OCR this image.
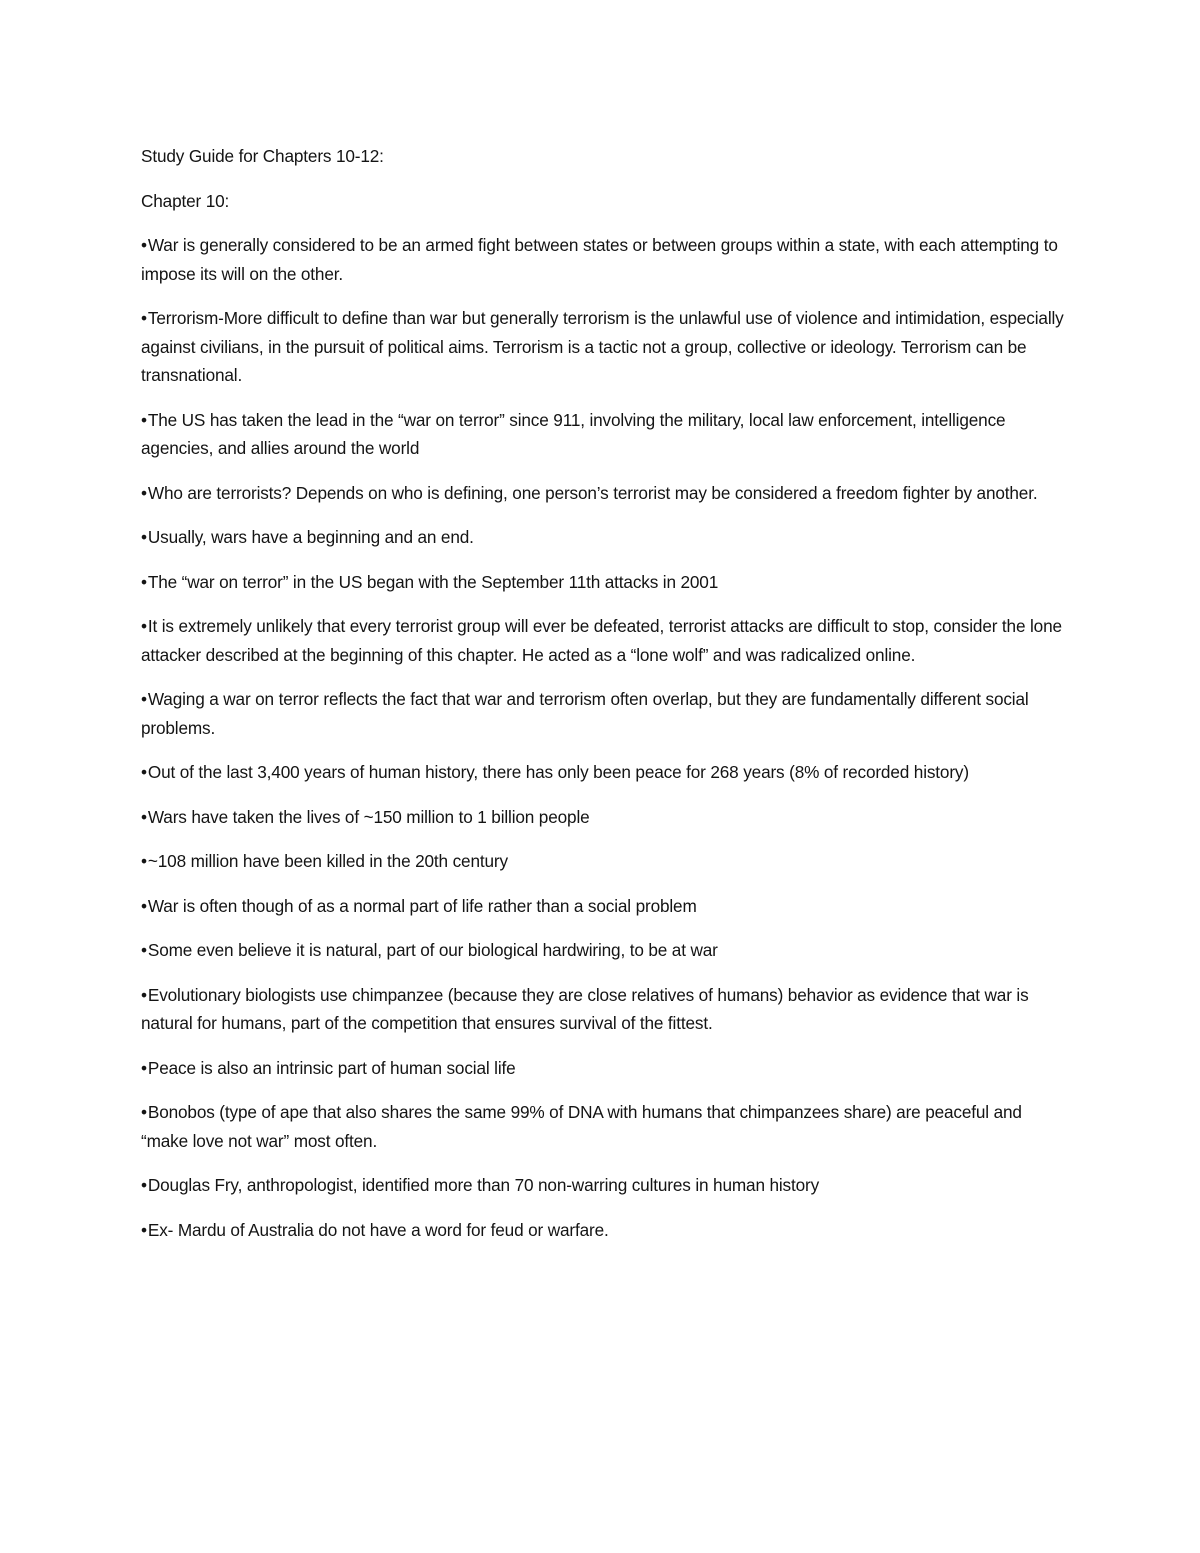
Study Guide for Chapters 10-12:

Chapter 10:

•War is generally considered to be an armed fight between states or between groups within a state, with each attempting to impose its will on the other.

•Terrorism-More difficult to define than war but generally terrorism is the unlawful use of violence and intimidation, especially against civilians, in the pursuit of political aims. Terrorism is a tactic not a group, collective or ideology. Terrorism can be transnational.

•The US has taken the lead in the “war on terror” since 911, involving the military, local law enforcement, intelligence agencies, and allies around the world

•Who are terrorists? Depends on who is defining, one person’s terrorist may be considered a freedom fighter by another.

•Usually, wars have a beginning and an end.

•The “war on terror” in the US began with the September 11th attacks in 2001

•It is extremely unlikely that every terrorist group will ever be defeated, terrorist attacks are difficult to stop, consider the lone attacker described at the beginning of this chapter. He acted as a “lone wolf” and was radicalized online.

•Waging a war on terror reflects the fact that war and terrorism often overlap, but they are fundamentally different social problems.

•Out of the last 3,400 years of human history, there has only been peace for 268 years (8% of recorded history)

•Wars have taken the lives of ~150 million to 1 billion people

•~108 million have been killed in the 20th century

•War is often though of as a normal part of life rather than a social problem

•Some even believe it is natural, part of our biological hardwiring, to be at war

•Evolutionary biologists use chimpanzee (because they are close relatives of humans) behavior as evidence that war is natural for humans, part of the competition that ensures survival of the fittest.

•Peace is also an intrinsic part of human social life

•Bonobos (type of ape that also shares the same 99% of DNA with humans that chimpanzees share) are peaceful and “make love not war” most often.

•Douglas Fry, anthropologist, identified more than 70 non-warring cultures in human history

•Ex- Mardu of Australia do not have a word for feud or warfare.
